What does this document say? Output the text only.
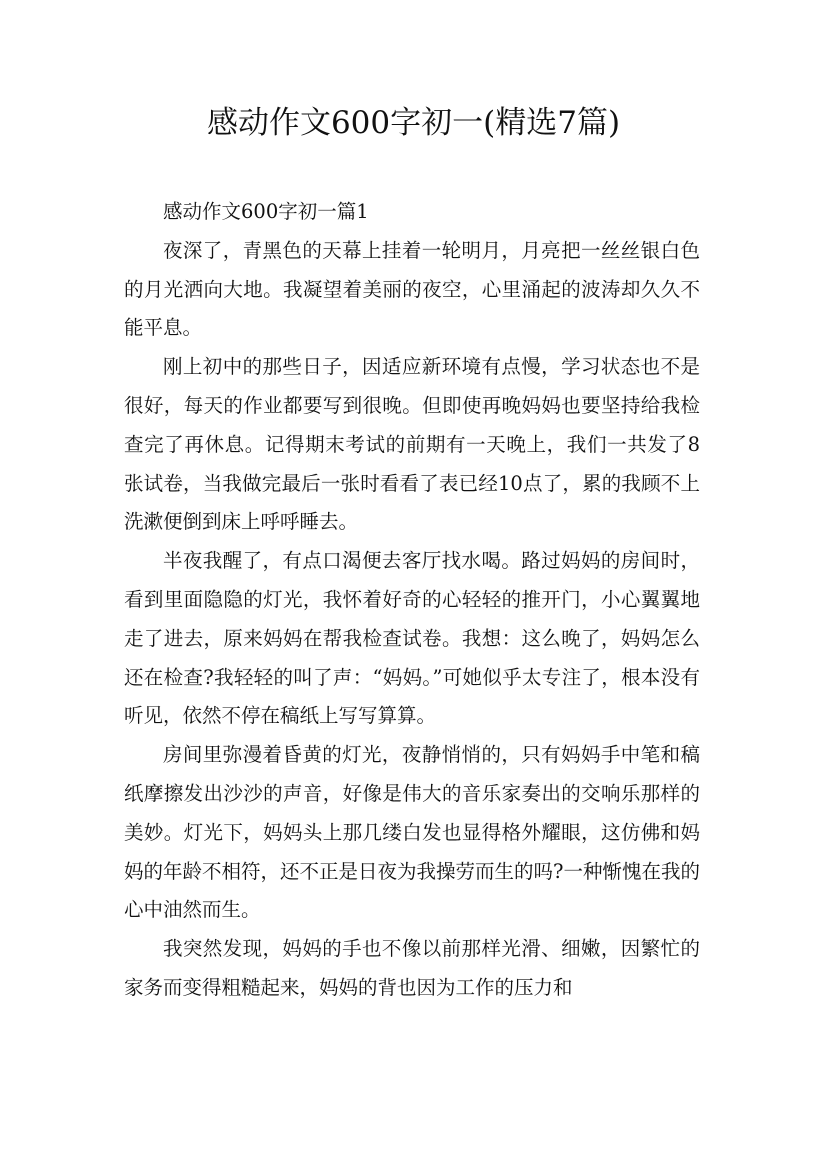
感动作文600字初一(精选7篇)

感动作文600字初一篇1

夜深了，青黑色的天幕上挂着一轮明月，月亮把一丝丝银白色的月光洒向大地。我凝望着美丽的夜空，心里涌起的波涛却久久不能平息。

刚上初中的那些日子，因适应新环境有点慢，学习状态也不是很好，每天的作业都要写到很晚。但即使再晚妈妈也要坚持给我检查完了再休息。记得期末考试的前期有一天晚上，我们一共发了8张试卷，当我做完最后一张时看看了表已经10点了，累的我顾不上洗漱便倒到床上呼呼睡去。

半夜我醒了，有点口渴便去客厅找水喝。路过妈妈的房间时，看到里面隐隐的灯光，我怀着好奇的心轻轻的推开门，小心翼翼地走了进去，原来妈妈在帮我检查试卷。我想：这么晚了，妈妈怎么还在检查?我轻轻的叫了声：“妈妈。”可她似乎太专注了，根本没有听见，依然不停在稿纸上写写算算。

房间里弥漫着昏黄的灯光，夜静悄悄的，只有妈妈手中笔和稿纸摩擦发出沙沙的声音，好像是伟大的音乐家奏出的交响乐那样的美妙。灯光下，妈妈头上那几缕白发也显得格外耀眼，这仿佛和妈妈的年龄不相符，还不正是日夜为我操劳而生的吗?一种惭愧在我的心中油然而生。

我突然发现，妈妈的手也不像以前那样光滑、细嫩，因繁忙的家务而变得粗糙起来，妈妈的背也因为工作的压力和
